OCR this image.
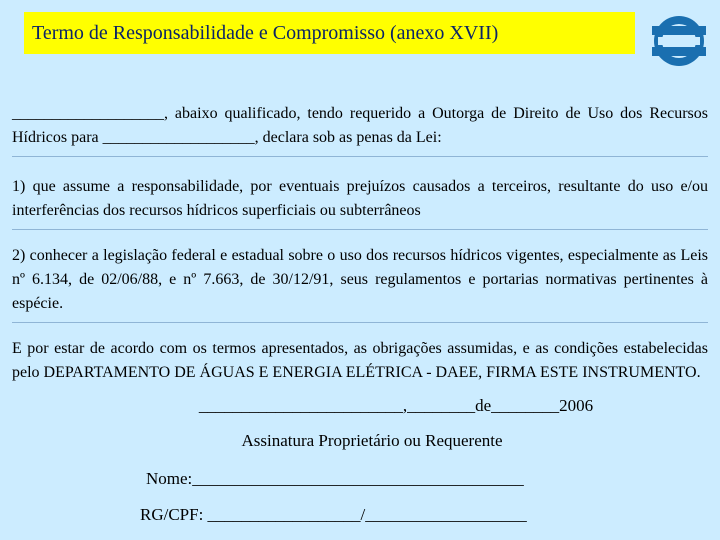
Termo de Responsabilidade e Compromisso (anexo XVII)

___________________, abaixo qualificado, tendo requerido a Outorga de Direito de Uso dos Recursos Hídricos para ___________________, declara sob as penas da Lei:

1) que assume a responsabilidade, por eventuais prejuízos causados a terceiros, resultante do uso e/ou interferências dos recursos hídricos superficiais ou subterrâneos

2) conhecer a legislação federal e estadual sobre o uso dos recursos hídricos vigentes, especialmente as Leis nº 6.134, de 02/06/88, e nº 7.663, de 30/12/91, seus regulamentos e portarias normativas pertinentes à espécie.

E por estar de acordo com os termos apresentados, as obrigações assumidas, e as condições estabelecidas pelo DEPARTAMENTO DE ÁGUAS E ENERGIA ELÉTRICA - DAEE, FIRMA ESTE INSTRUMENTO.

________________________,________de________2006
Assinatura Proprietário ou Requerente
Nome:_______________________________________
RG/CPF: __________________/___________________
